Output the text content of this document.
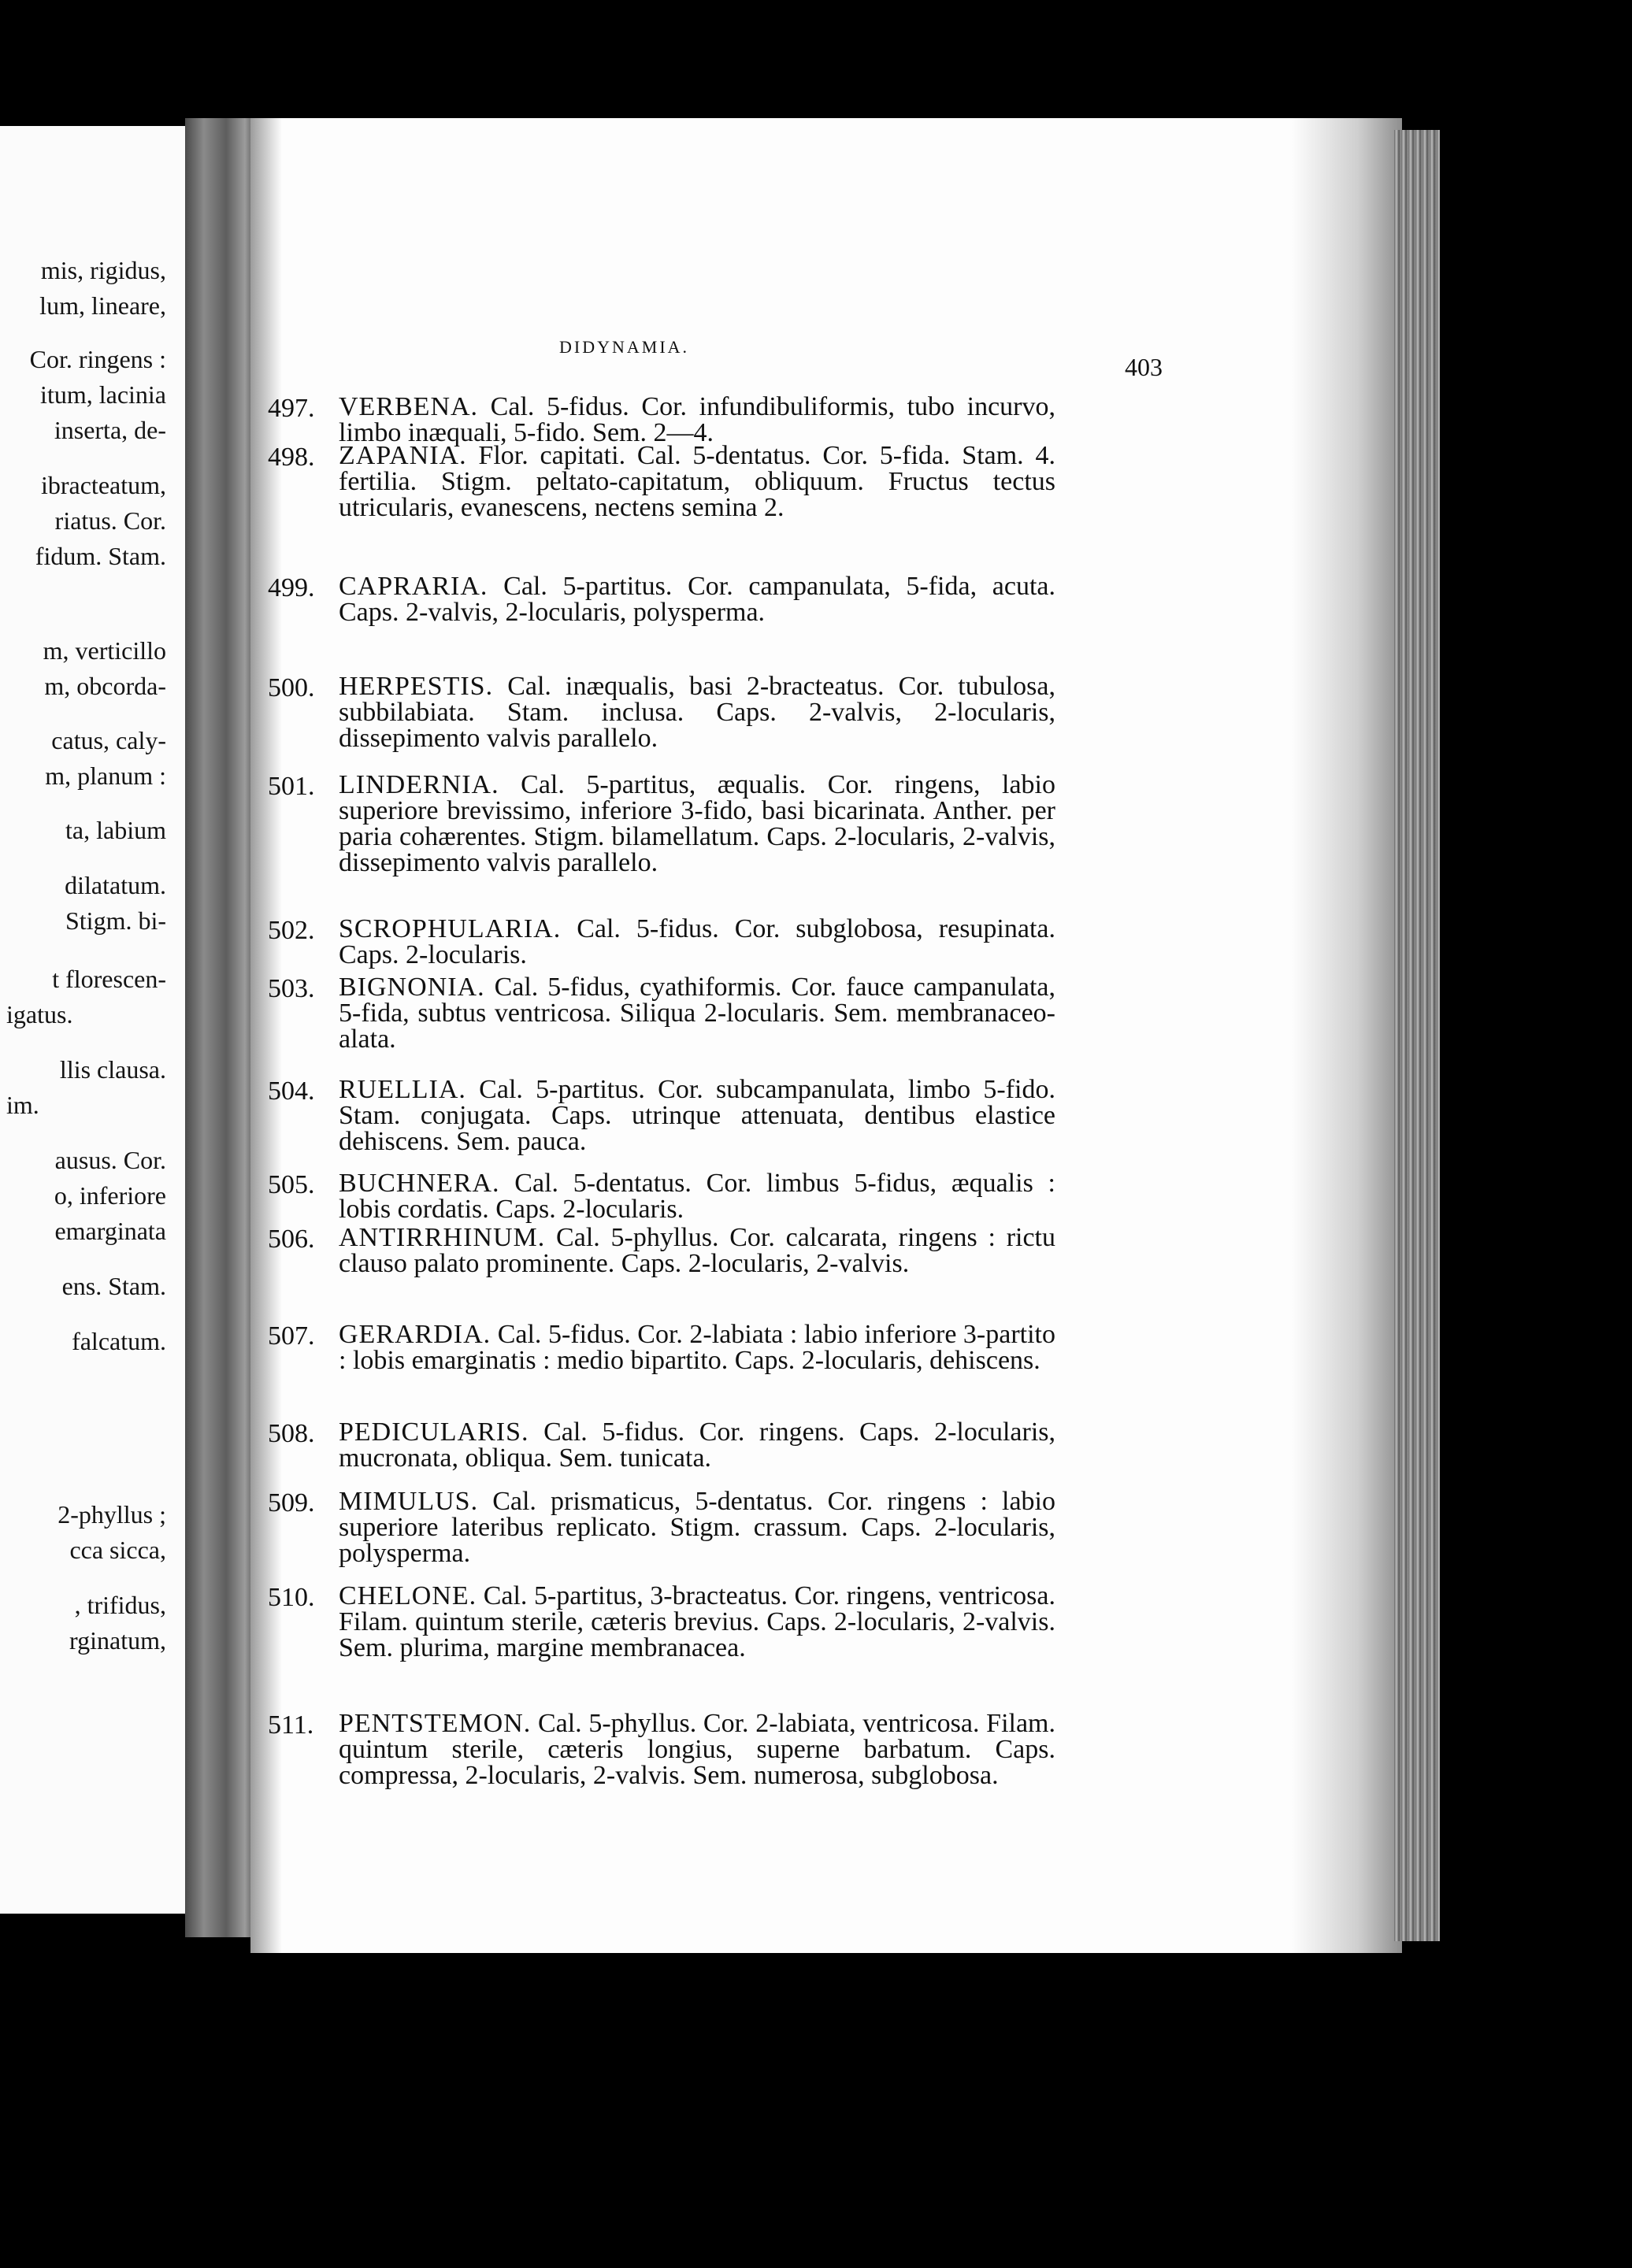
mis, rigidus,
lum, lineare,
Cor. ringens :
itum, lacinia
inserta, de-
ibracteatum,
riatus. Cor.
fidum. Stam.
m, verticillo
m, obcorda-
catus, caly-
m, planum :
ta, labium
dilatatum.
Stigm. bi-
t florescen-
igatus.
llis clausa.
im.
ausus. Cor.
o, inferiore
emarginata
ens. Stam.
falcatum.
2-phyllus ;
cca sicca,
, trifidus,
rginatum,
DIDYNAMIA.
403
497. VERBENA. Cal. 5-fidus. Cor. infundibuliformis, tubo incurvo, limbo inæquali, 5-fido. Sem. 2—4.
498. ZAPANIA. Flor. capitati. Cal. 5-dentatus. Cor. 5-fida. Stam. 4. fertilia. Stigm. peltato-capitatum, obliquum. Fructus tectus utricularis, evanescens, nectens semina 2.
499. CAPRARIA. Cal. 5-partitus. Cor. campanulata, 5-fida, acuta. Caps. 2-valvis, 2-locularis, polysperma.
500. HERPESTIS. Cal. inæqualis, basi 2-bracteatus. Cor. tubulosa, subbilabiata. Stam. inclusa. Caps. 2-valvis, 2-locularis, dissepimento valvis parallelo.
501. LINDERNIA. Cal. 5-partitus, æqualis. Cor. ringens, labio superiore brevissimo, inferiore 3-fido, basi bicarinata. Anther. per paria cohærentes. Stigm. bilamellatum. Caps. 2-locularis, 2-valvis, dissepimento valvis parallelo.
502. SCROPHULARIA. Cal. 5-fidus. Cor. subglobosa, resupinata. Caps. 2-locularis.
503. BIGNONIA. Cal. 5-fidus, cyathiformis. Cor. fauce campanulata, 5-fida, subtus ventricosa. Siliqua 2-locularis. Sem. membranaceo-alata.
504. RUELLIA. Cal. 5-partitus. Cor. subcampanulata, limbo 5-fido. Stam. conjugata. Caps. utrinque attenuata, dentibus elastice dehiscens. Sem. pauca.
505. BUCHNERA. Cal. 5-dentatus. Cor. limbus 5-fidus, æqualis : lobis cordatis. Caps. 2-locularis.
506. ANTIRRHINUM. Cal. 5-phyllus. Cor. calcarata, ringens : rictu clauso palato prominente. Caps. 2-locularis, 2-valvis.
507. GERARDIA. Cal. 5-fidus. Cor. 2-labiata : labio inferiore 3-partito : lobis emarginatis : medio bipartito. Caps. 2-locularis, dehiscens.
508. PEDICULARIS. Cal. 5-fidus. Cor. ringens. Caps. 2-locularis, mucronata, obliqua. Sem. tunicata.
509. MIMULUS. Cal. prismaticus, 5-dentatus. Cor. ringens : labio superiore lateribus replicato. Stigm. crassum. Caps. 2-locularis, polysperma.
510. CHELONE. Cal. 5-partitus, 3-bracteatus. Cor. ringens, ventricosa. Filam. quintum sterile, cæteris brevius. Caps. 2-locularis, 2-valvis. Sem. plurima, margine membranacea.
511. PENTSTEMON. Cal. 5-phyllus. Cor. 2-labiata, ventricosa. Filam. quintum sterile, cæteris longius, superne barbatum. Caps. compressa, 2-locularis, 2-valvis. Sem. numerosa, subglobosa.
